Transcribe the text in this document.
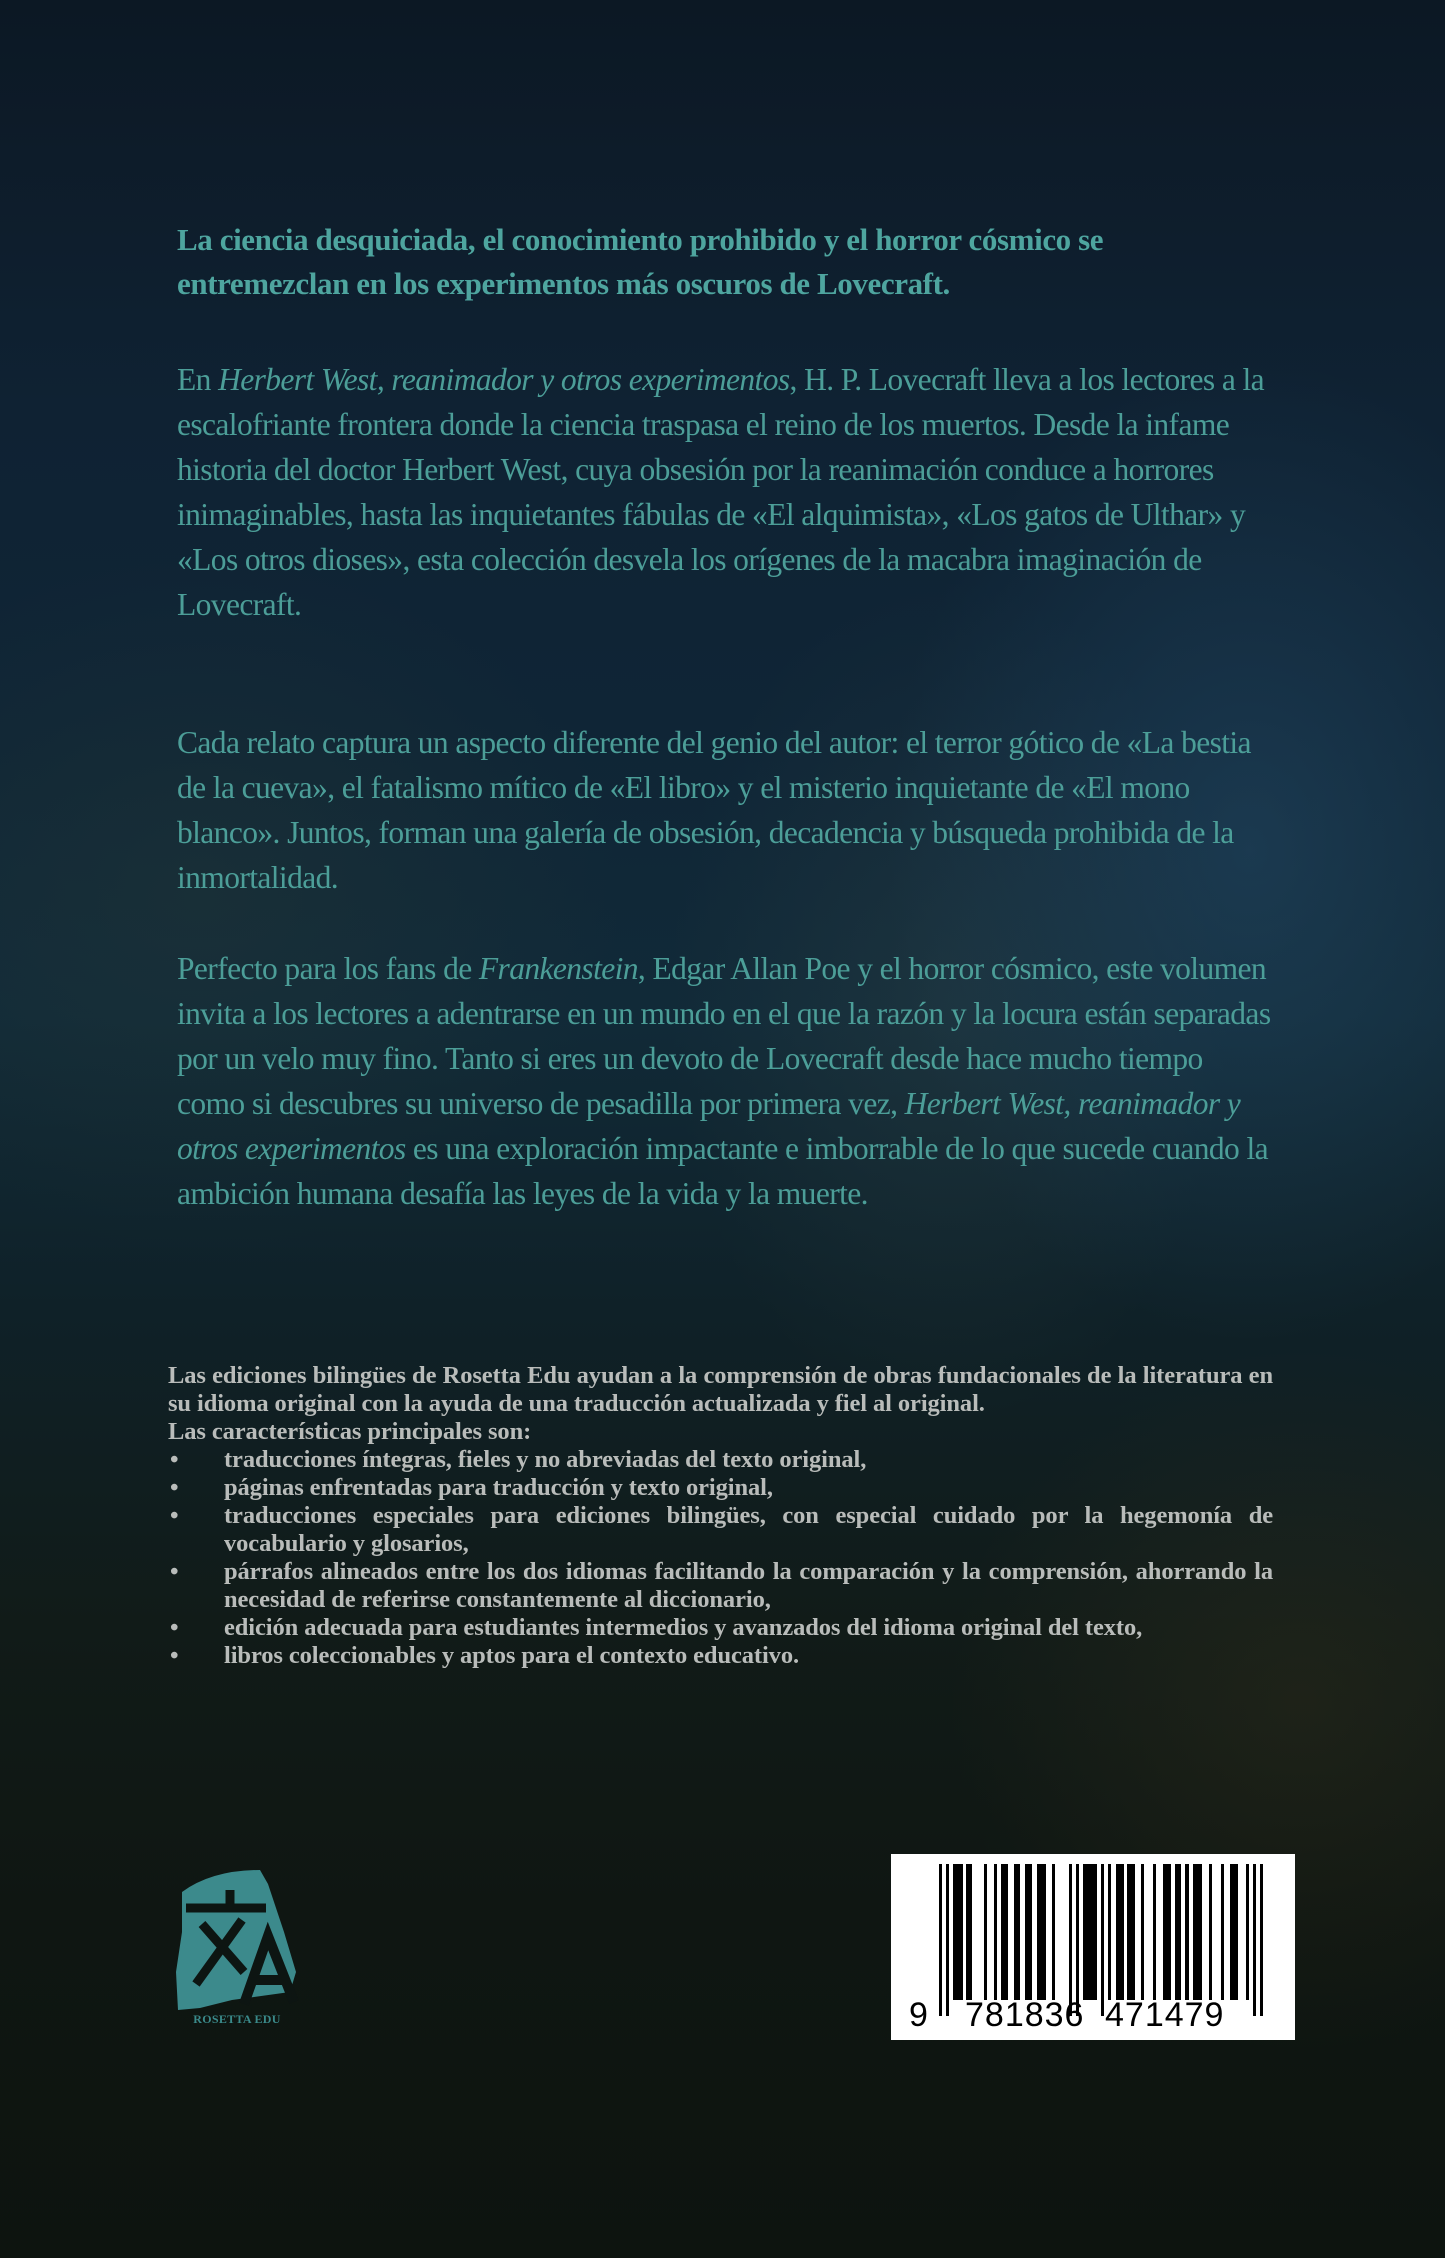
La ciencia desquiciada, el conocimiento prohibido y el horror cósmico se entremezclan en los experimentos más oscuros de Lovecraft.

En Herbert West, reanimador y otros experimentos, H. P. Lovecraft lleva a los lectores a la escalofriante frontera donde la ciencia traspasa el reino de los muertos. Desde la infame historia del doctor Herbert West, cuya obsesión por la reanimación conduce a horrores inimaginables, hasta las inquietantes fábulas de «El alquimista», «Los gatos de Ulthar» y «Los otros dioses», esta colección desvela los orígenes de la macabra imaginación de Lovecraft.

Cada relato captura un aspecto diferente del genio del autor: el terror gótico de «La bestia de la cueva», el fatalismo mítico de «El libro» y el misterio inquietante de «El mono blanco». Juntos, forman una galería de obsesión, decadencia y búsqueda prohibida de la inmortalidad.

Perfecto para los fans de Frankenstein, Edgar Allan Poe y el horror cósmico, este volumen invita a los lectores a adentrarse en un mundo en el que la razón y la locura están separadas por un velo muy fino. Tanto si eres un devoto de Lovecraft desde hace mucho tiempo como si descubres su universo de pesadilla por primera vez, Herbert West, reanimador y otros experimentos es una exploración impactante e imborrable de lo que sucede cuando la ambición humana desafía las leyes de la vida y la muerte.

Las ediciones bilingües de Rosetta Edu ayudan a la comprensión de obras fundacionales de la literatura en su idioma original con la ayuda de una traducción actualizada y fiel al original.

Las características principales son:

• traducciones íntegras, fieles y no abreviadas del texto original,
• páginas enfrentadas para traducción y texto original,
• traducciones especiales para ediciones bilingües, con especial cuidado por la hegemonía de vocabulario y glosarios,
• párrafos alineados entre los dos idiomas facilitando la comparación y la comprensión, ahorrando la necesidad de referirse constantemente al diccionario,
• edición adecuada para estudiantes intermedios y avanzados del idioma original del texto,
• libros coleccionables y aptos para el contexto educativo.
ROSETTA EDU	9 781836 471479
